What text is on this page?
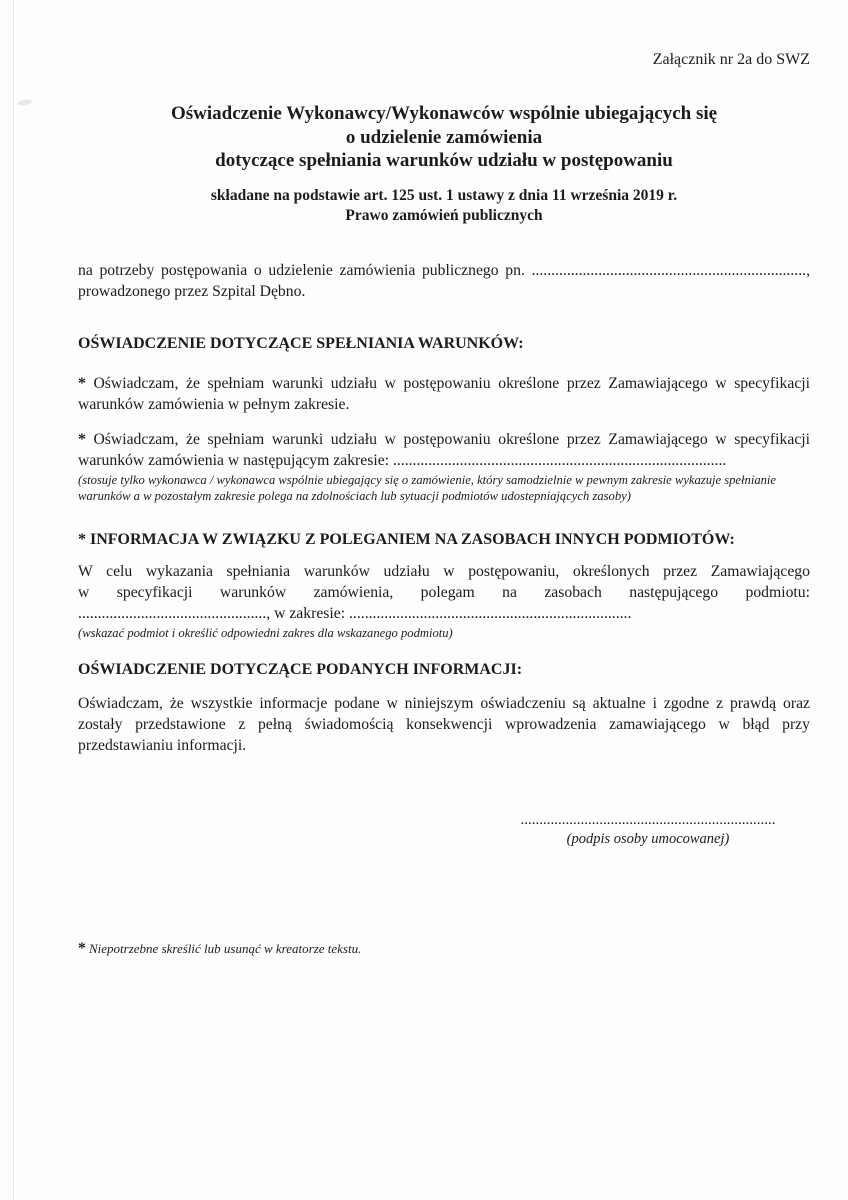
Załącznik nr 2a do SWZ
Oświadczenie Wykonawcy/Wykonawców wspólnie ubiegających się
o udzielenie zamówienia
dotyczące spełniania warunków udziału w postępowaniu
składane na podstawie art. 125 ust. 1 ustawy z dnia 11 września 2019 r.
Prawo zamówień publicznych
na potrzeby postępowania o udzielenie zamówienia publicznego pn. ......................................................................,
prowadzonego przez Szpital Dębno.
OŚWIADCZENIE DOTYCZĄCE SPEŁNIANIA WARUNKÓW:
* Oświadczam, że spełniam warunki udziału w postępowaniu określone przez Zamawiającego w specyfikacji
warunków zamówienia w pełnym zakresie.
* Oświadczam, że spełniam warunki udziału w postępowaniu określone przez Zamawiającego w specyfikacji
warunków zamówienia w następującym zakresie: .....................................................................................
(stosuje tylko wykonawca / wykonawca wspólnie ubiegający się o zamówienie, który samodzielnie w pewnym zakresie wykazuje spełnianie warunków a w pozostałym zakresie polega na zdolnościach lub sytuacji podmiotów udostepniających zasoby)
* INFORMACJA W ZWIĄZKU Z POLEGANIEM NA ZASOBACH INNYCH PODMIOTÓW:
W celu wykazania spełniania warunków udziału w postępowaniu, określonych przez Zamawiającego
w specyfikacji warunków zamówienia, polegam na zasobach następującego podmiotu:
................................................, w zakresie: ........................................................................
(wskazać podmiot i określić odpowiedni zakres dla wskazanego podmiotu)
OŚWIADCZENIE DOTYCZĄCE PODANYCH INFORMACJI:
Oświadczam, że wszystkie informacje podane w niniejszym oświadczeniu są aktualne i zgodne z prawdą oraz
zostały przedstawione z pełną świadomością konsekwencji wprowadzenia zamawiającego w błąd przy
przedstawianiu informacji.
....................................................................
(podpis osoby umocowanej)
* Niepotrzebne skreślić lub usunąć w kreatorze tekstu.
